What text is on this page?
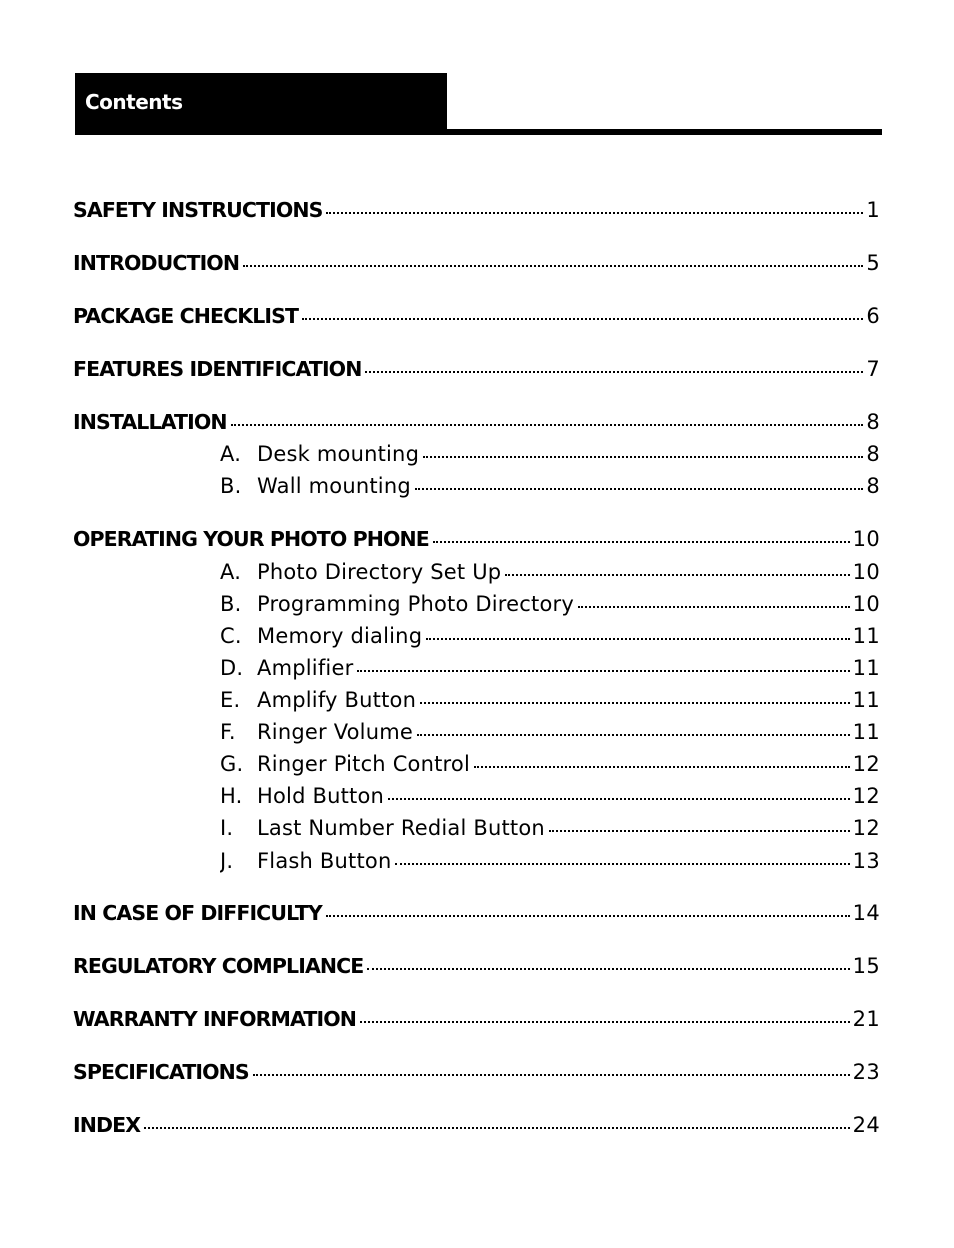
Contents
SAFETY INSTRUCTIONS	1
INTRODUCTION	5
PACKAGE CHECKLIST	6
FEATURES IDENTIFICATION	7
INSTALLATION	8
A. Desk mounting	8
B. Wall mounting	8
OPERATING YOUR PHOTO PHONE	10
A. Photo Directory Set Up	10
B. Programming Photo Directory	10
C. Memory dialing	11
D. Amplifier	11
E. Amplify Button	11
F.	Ringer Volume	11
G. Ringer Pitch Control	12
H. Hold Button	12
I.	Last Number Redial Button	12
J.	Flash Button	13
IN CASE OF DIFFICULTY	14
REGULATORY COMPLIANCE	15
WARRANTY INFORMATION	21
SPECIFICATIONS	23
INDEX	24
